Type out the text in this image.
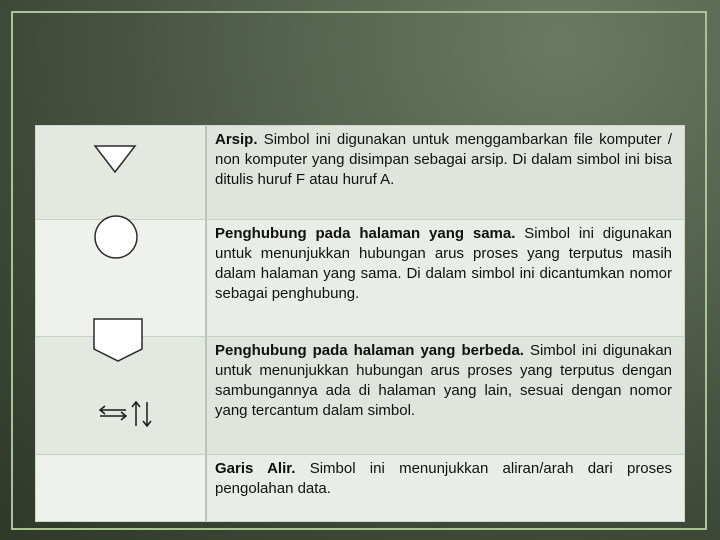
Arsip. Simbol ini digunakan untuk menggambarkan file komputer / non komputer yang disimpan sebagai arsip. Di dalam simbol ini bisa ditulis huruf F atau huruf A.
Penghubung pada halaman yang sama. Simbol ini digunakan untuk menunjukkan hubungan arus proses yang terputus masih dalam halaman yang sama. Di dalam simbol ini dicantumkan nomor sebagai penghubung.
Penghubung pada halaman yang berbeda. Simbol ini digunakan untuk menunjukkan hubungan arus proses yang terputus dengan sambungannya ada di halaman yang lain, sesuai dengan nomor yang tercantum dalam simbol.
Garis Alir. Simbol ini menunjukkan aliran/arah dari proses pengolahan data.
